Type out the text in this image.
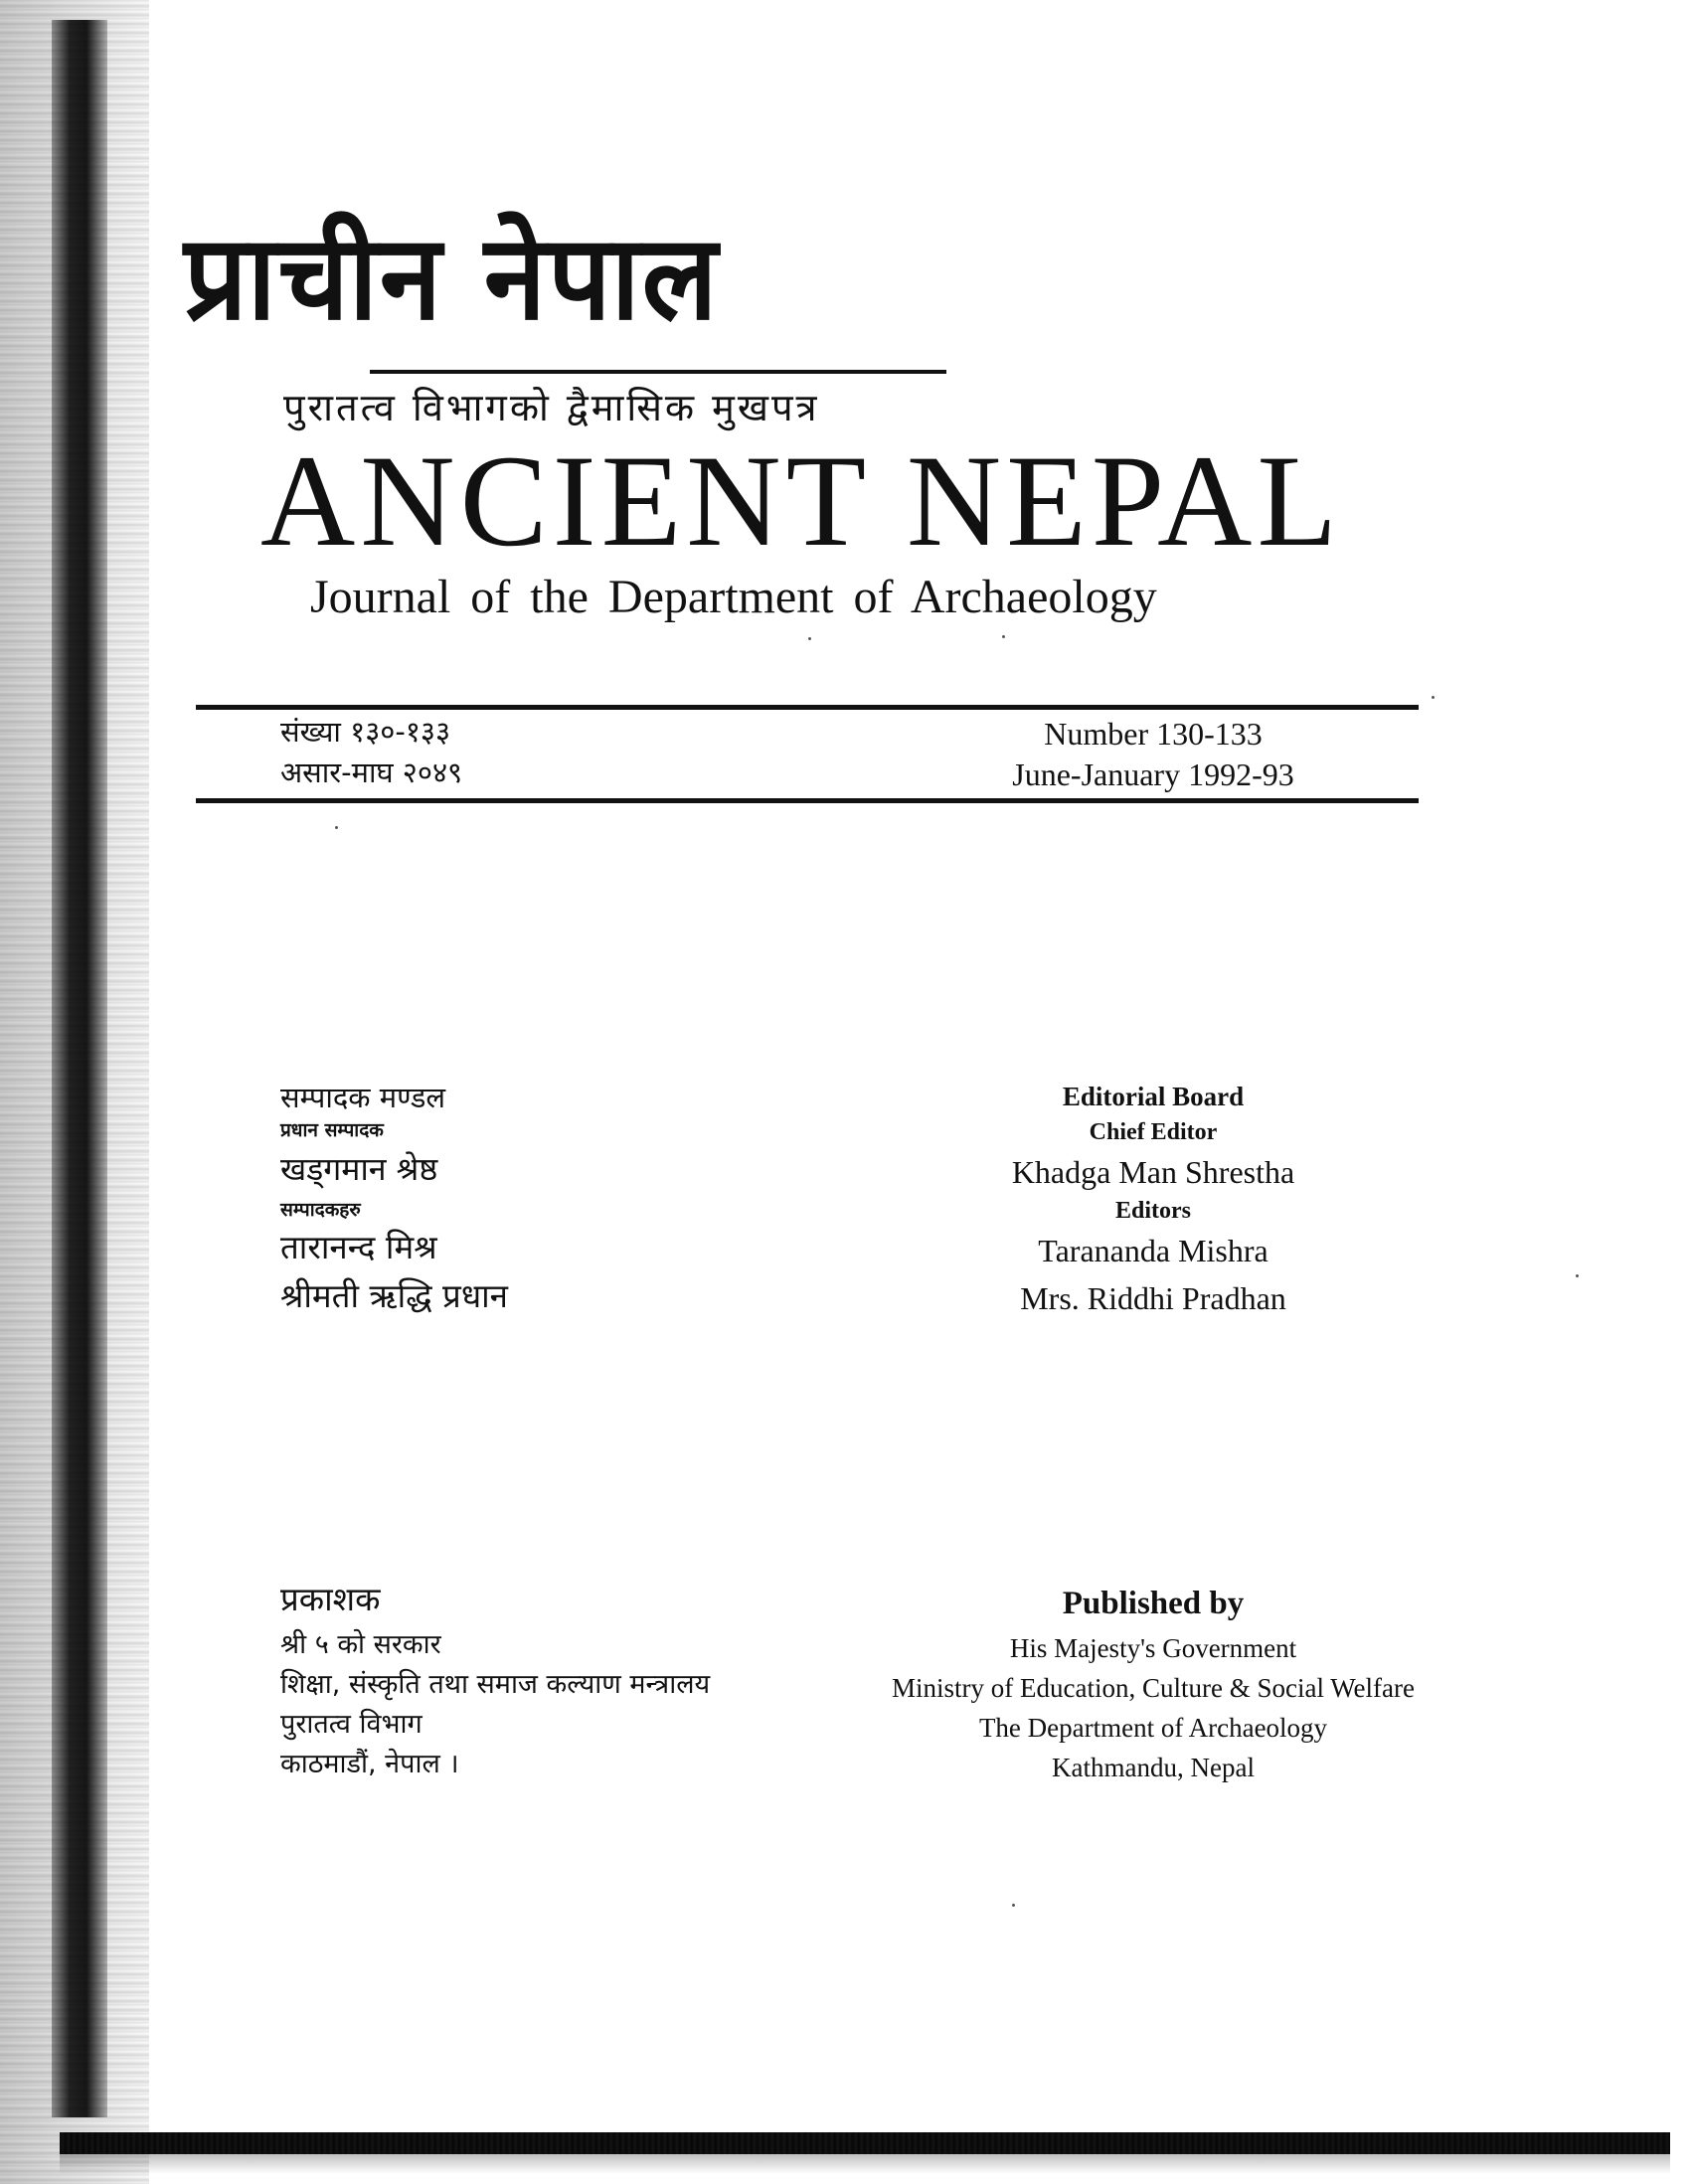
प्राचीन नेपाल
पुरातत्व विभागको द्वैमासिक मुखपत्र
ANCIENT NEPAL
Journal of the Department of Archaeology
संख्या १३०-१३३
असार-माघ २०४९
Number 130-133
June-January 1992-93
सम्पादक मण्डल
प्रधान सम्पादक
खड्गमान श्रेष्ठ
सम्पादकहरु
तारानन्द मिश्र
श्रीमती ऋद्धि प्रधान
Editorial Board
Chief Editor
Khadga Man Shrestha
Editors
Tarananda Mishra
Mrs. Riddhi Pradhan
प्रकाशक
श्री ५ को सरकार
शिक्षा, संस्कृति तथा समाज कल्याण मन्त्रालय
पुरातत्व विभाग
काठमाडौं, नेपाल ।
Published by
His Majesty's Government
Ministry of Education, Culture & Social Welfare
The Department of Archaeology
Kathmandu, Nepal
